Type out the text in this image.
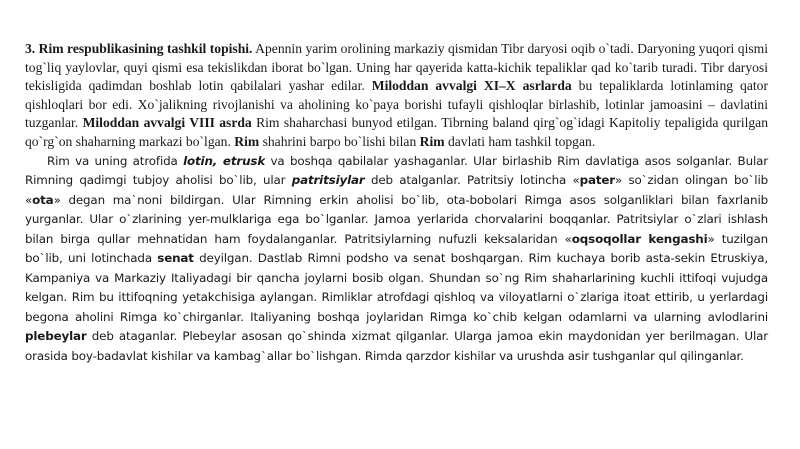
3. Rim respublikasining tashkil topishi. Apennin yarim orolining markaziy qismidan Tibr daryosi oqib o`tadi. Daryoning yuqori qismi tog`liq yaylovlar, quyi qismi esa tekislikdan iborat bo`lgan. Uning har qayerida katta-kichik tepaliklar qad ko`tarib turadi. Tibr daryosi tekisligida qadimdan boshlab lotin qabilalari yashar edilar. Miloddan avvalgi XI–X asrlarda bu tepaliklarda lotinlaming qator qishloqlari bor edi. Xo`jalikning rivojlanishi va aholining ko`paya borishi tufayli qishloqlar birlashib, lotinlar jamoasini – davlatini tuzganlar. Miloddan avvalgi VIII asrda Rim shaharchasi bunyod etilgan. Tibrning baland qirg`og`idagi Kapitoliy tepaligida qurilgan qo`rg`on shaharning markazi bo`lgan. Rim shahrini barpo bo`lishi bilan Rim davlati ham tashkil topgan.

Rim va uning atrofida lotin, etrusk va boshqa qabilalar yashaganlar. Ular birlashib Rim davlatiga asos solganlar. Bular Rimning qadimgi tubjoy aholisi bo`lib, ular patritsiylar deb atalganlar. Patritsiy lotincha «pater» so`zidan olingan bo`lib «ota» degan ma`noni bildirgan. Ular Rimning erkin aholisi bo`lib, ota-bobolari Rimga asos solganliklari bilan faxrlanib yurganlar. Ular o`zlarining yer-mulklariga ega bo`lganlar. Jamoa yerlarida chorvalarini boqqanlar. Patritsiylar o`zlari ishlash bilan birga qullar mehnatidan ham foydalanganlar. Patritsiylarning nufuzli keksalaridan «oqsoqollar kengashi» tuzilgan bo`lib, uni lotinchada senat deyilgan. Dastlab Rimni podsho va senat boshqargan. Rim kuchaya borib asta-sekin Etruskiya, Kampaniya va Markaziy Italiyadagi bir qancha joylarni bosib olgan. Shundan so`ng Rim shaharlarining kuchli ittifoqi vujudga kelgan. Rim bu ittifoqning yetakchisiga aylangan. Rimliklar atrofdagi qishloq va viloyatlarni o`zlariga itoat ettirib, u yerlardagi begona aholini Rimga ko`chirganlar. Italiyaning boshqa joylaridan Rimga ko`chib kelgan odamlarni va ularning avlodlarini plebeylar deb ataganlar. Plebeylar asosan qo`shinda xizmat qilganlar. Ularga jamoa ekin maydonidan yer berilmagan. Ular orasida boy-badavlat kishilar va kambag`allar bo`lishgan. Rimda qarzdor kishilar va urushda asir tushganlar qul qilinganlar.
